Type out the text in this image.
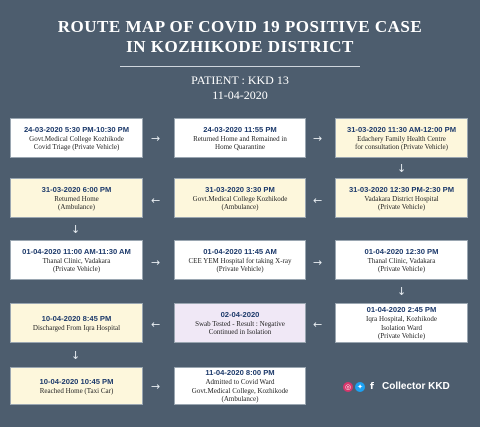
ROUTE MAP OF COVID 19 POSITIVE CASE
IN KOZHIKODE DISTRICT
PATIENT : KKD 13
11-04-2020
24-03-2020 5:30 PM-10:30 PM
Govt.Medical College Kozhikode
Covid Triage (Private Vehicle)
24-03-2020 11:55 PM
Returned Home and Remained in
Home Quarantine
31-03-2020 11:30 AM-12:00 PM
Edachery Family Health Centre
for consultation (Private Vehicle)
31-03-2020 6:00 PM
Returned Home
(Ambulance)
31-03-2020 3:30 PM
Govt.Medical College Kozhikode
(Ambulance)
31-03-2020 12:30 PM-2:30 PM
Vadakara District Hospital
(Private Vehicle)
01-04-2020 11:00 AM-11:30 AM
Thanal Clinic, Vadakara
(Private Vehicle)
01-04-2020 11:45 AM
CEE YEM Hospital for taking X-ray
(Private Vehicle)
01-04-2020 12:30 PM
Thanal Clinic, Vadakara
(Private Vehicle)
10-04-2020 8:45 PM
Discharged From Iqra Hospital
02-04-2020
Swab Tested - Result : Negative
Continued in Isolation
01-04-2020 2:45 PM
Iqra Hospital, Kozhikode
Isolation Ward
(Private Vehicle)
10-04-2020 10:45 PM
Reached Home (Taxi Car)
11-04-2020 8:00 PM
Admitted to Covid Ward
Govt.Medical College, Kozhikode
(Ambulance)
→	→
↓
←
←
↓
→	→
↓
←
←
↓
→	◎ ✦ f Collector KKD
